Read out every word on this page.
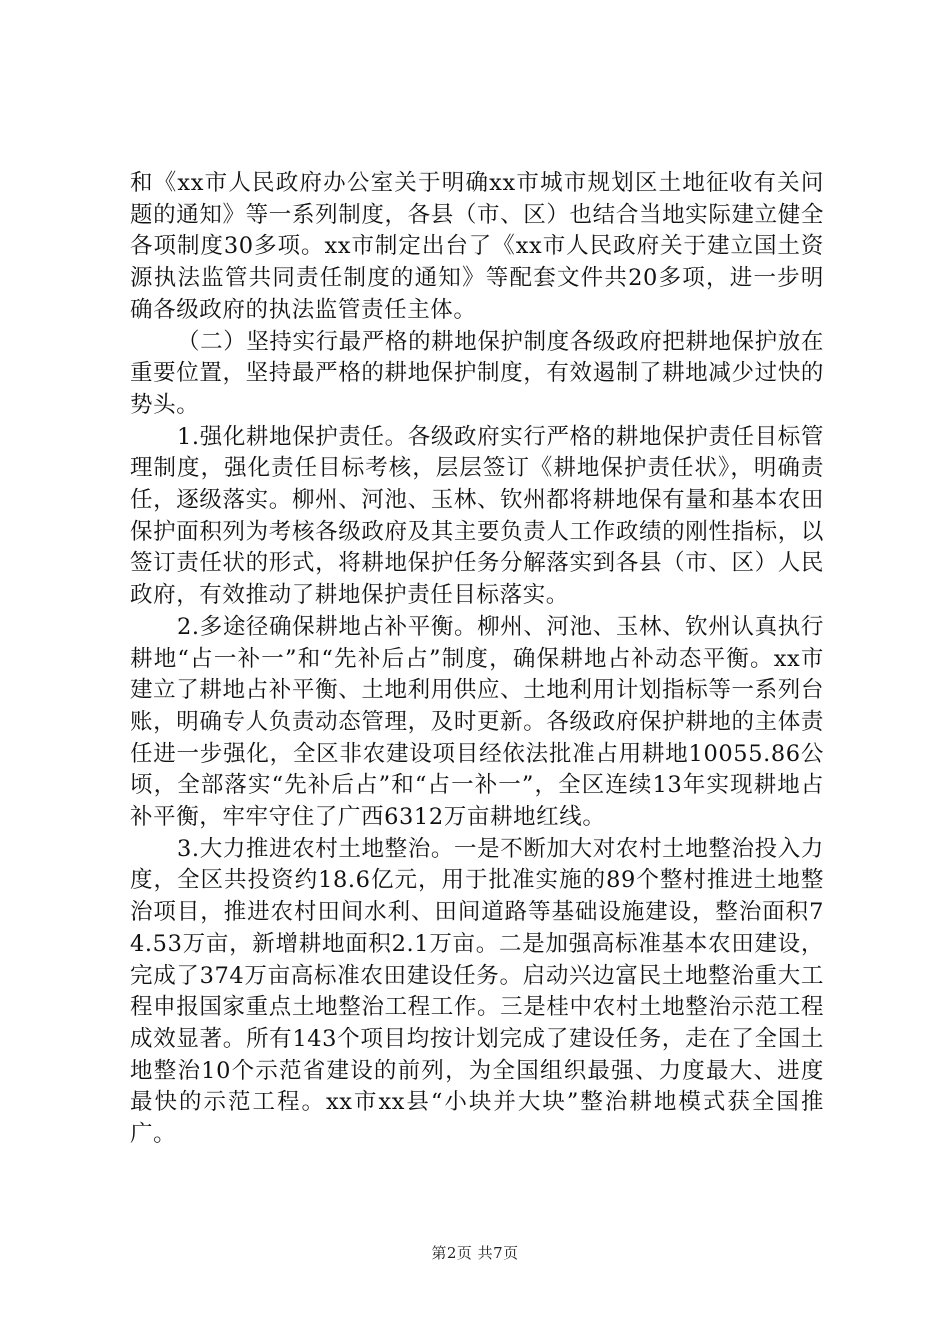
和《xx市人民政府办公室关于明确xx市城市规划区土地征收有关问题的通知》等一系列制度，各县（市、区）也结合当地实际建立健全各项制度30多项。xx市制定出台了《xx市人民政府关于建立国土资源执法监管共同责任制度的通知》等配套文件共20多项，进一步明确各级政府的执法监管责任主体。

（二）坚持实行最严格的耕地保护制度各级政府把耕地保护放在重要位置，坚持最严格的耕地保护制度，有效遏制了耕地减少过快的势头。

1.强化耕地保护责任。各级政府实行严格的耕地保护责任目标管理制度，强化责任目标考核，层层签订《耕地保护责任状》，明确责任，逐级落实。柳州、河池、玉林、钦州都将耕地保有量和基本农田保护面积列为考核各级政府及其主要负责人工作政绩的刚性指标，以签订责任状的形式，将耕地保护任务分解落实到各县（市、区）人民政府，有效推动了耕地保护责任目标落实。

2.多途径确保耕地占补平衡。柳州、河池、玉林、钦州认真执行耕地“占一补一”和“先补后占”制度，确保耕地占补动态平衡。xx市建立了耕地占补平衡、土地利用供应、土地利用计划指标等一系列台账，明确专人负责动态管理，及时更新。各级政府保护耕地的主体责任进一步强化，全区非农建设项目经依法批准占用耕地10055.86公顷，全部落实“先补后占”和“占一补一”，全区连续13年实现耕地占补平衡，牢牢守住了广西6312万亩耕地红线。

3.大力推进农村土地整治。一是不断加大对农村土地整治投入力度，全区共投资约18.6亿元，用于批准实施的89个整村推进土地整治项目，推进农村田间水利、田间道路等基础设施建设，整治面积74.53万亩，新增耕地面积2.1万亩。二是加强高标准基本农田建设，完成了374万亩高标准农田建设任务。启动兴边富民土地整治重大工程申报国家重点土地整治工程工作。三是桂中农村土地整治示范工程成效显著。所有143个项目均按计划完成了建设任务，走在了全国土地整治10个示范省建设的前列，为全国组织最强、力度最大、进度最快的示范工程。xx市xx县“小块并大块”整治耕地模式获全国推广。

第2页 共7页
